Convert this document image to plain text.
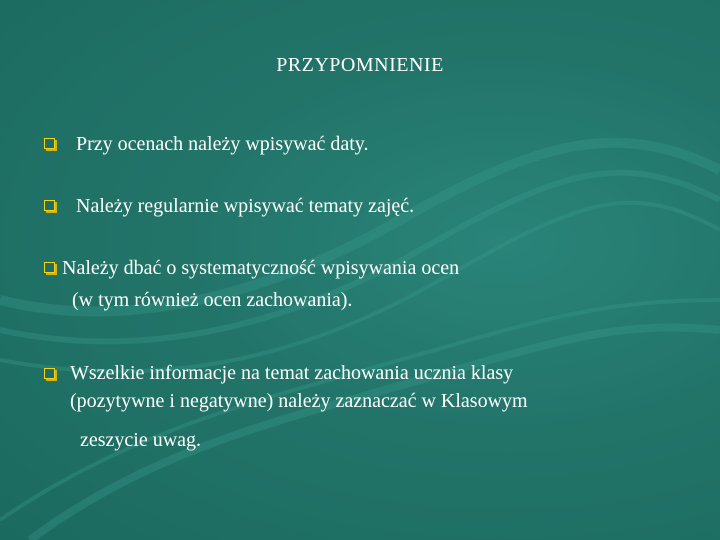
PRZYPOMNIENIE
Przy ocenach należy wpisywać daty.
Należy regularnie wpisywać tematy zajęć.
Należy dbać o systematyczność wpisywania ocen
(w tym również ocen zachowania).
Wszelkie informacje na temat zachowania ucznia klasy
(pozytywne i negatywne) należy zaznaczać w Klasowym
zeszycie uwag.
